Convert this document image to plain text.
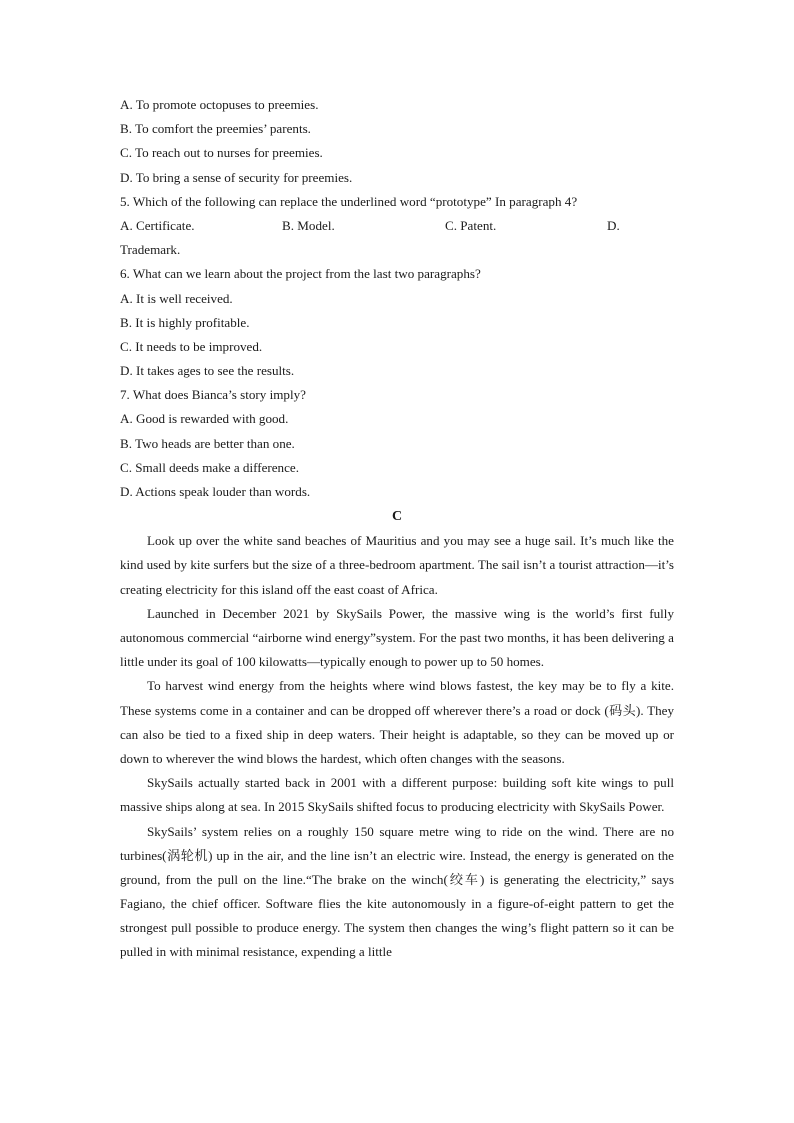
A. To promote octopuses to preemies.
B. To comfort the preemies’ parents.
C. To reach out to nurses for preemies.
D. To bring a sense of security for preemies.
5. Which of the following can replace the underlined word “prototype” In paragraph 4?
A. Certificate.	B. Model.	C. Patent.	D.
Trademark.
6. What can we learn about the project from the last two paragraphs?
A. It is well received.
B. It is highly profitable.
C. It needs to be improved.
D. It takes ages to see the results.
7. What does Bianca’s story imply?
A. Good is rewarded with good.
B. Two heads are better than one.
C. Small deeds make a difference.
D. Actions speak louder than words.
C

Look up over the white sand beaches of Mauritius and you may see a huge sail. It’s much like the kind used by kite surfers but the size of a three-bedroom apartment. The sail isn’t a tourist attraction—it’s creating electricity for this island off the east coast of Africa.

Launched in December 2021 by SkySails Power, the massive wing is the world’s first fully autonomous commercial “airborne wind energy”system. For the past two months, it has been delivering a little under its goal of 100 kilowatts—typically enough to power up to 50 homes.

To harvest wind energy from the heights where wind blows fastest, the key may be to fly a kite. These systems come in a container and can be dropped off wherever there’s a road or dock (码头). They can also be tied to a fixed ship in deep waters. Their height is adaptable, so they can be moved up or down to wherever the wind blows the hardest, which often changes with the seasons.

SkySails actually started back in 2001 with a different purpose: building soft kite wings to pull massive ships along at sea. In 2015 SkySails shifted focus to producing electricity with SkySails Power.

SkySails’ system relies on a roughly 150 square metre wing to ride on the wind. There are no turbines(涡轮机) up in the air, and the line isn’t an electric wire. Instead, the energy is generated on the ground, from the pull on the line.“The brake on the winch(绞车) is generating the electricity,” says Fagiano, the chief officer. Software flies the kite autonomously in a figure-of-eight pattern to get the strongest pull possible to produce energy. The system then changes the wing’s flight pattern so it can be pulled in with minimal resistance, expending a little
